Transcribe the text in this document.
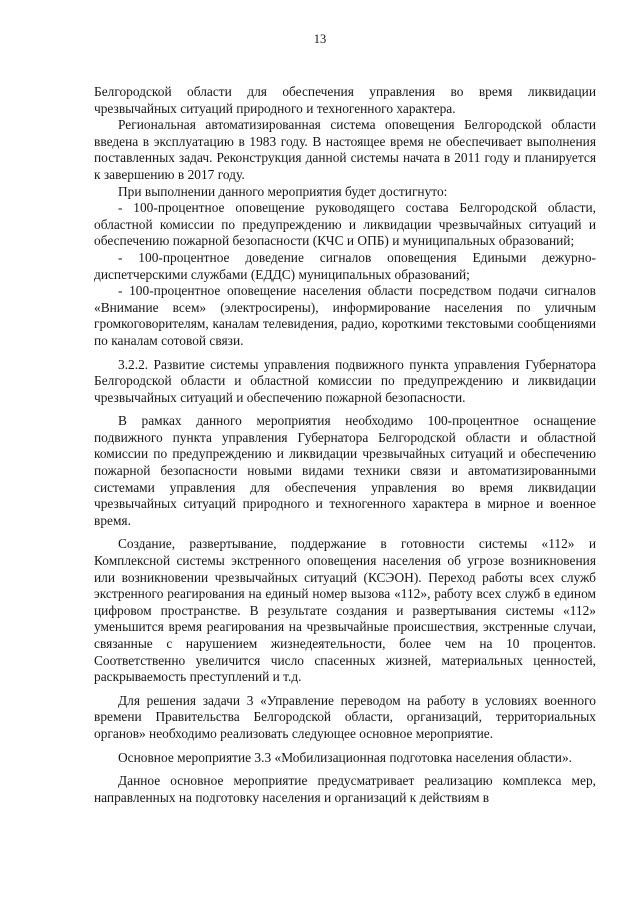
13

Белгородской области для обеспечения управления во время ликвидации чрезвычайных ситуаций природного и техногенного характера.

Региональная автоматизированная система оповещения Белгородской области введена в эксплуатацию в 1983 году. В настоящее время не обеспечивает выполнения поставленных задач. Реконструкция данной системы начата в 2011 году и планируется к завершению в 2017 году.

При выполнении данного мероприятия будет достигнуто:

- 100-процентное оповещение руководящего состава Белгородской области, областной комиссии по предупреждению и ликвидации чрезвычайных ситуаций и обеспечению пожарной безопасности (КЧС и ОПБ) и муниципальных образований;

- 100-процентное доведение сигналов оповещения Едиными дежурно-диспетчерскими службами (ЕДДС) муниципальных образований;

- 100-процентное оповещение населения области посредством подачи сигналов «Внимание всем» (электросирены), информирование населения по уличным громкоговорителям, каналам телевидения, радио, короткими текстовыми сообщениями по каналам сотовой связи.

3.2.2. Развитие системы управления подвижного пункта управления Губернатора Белгородской области и областной комиссии по предупреждению и ликвидации чрезвычайных ситуаций и обеспечению пожарной безопасности.

В рамках данного мероприятия необходимо 100-процентное оснащение подвижного пункта управления Губернатора Белгородской области и областной комиссии по предупреждению и ликвидации чрезвычайных ситуаций и обеспечению пожарной безопасности новыми видами техники связи и автоматизированными системами управления для обеспечения управления во время ликвидации чрезвычайных ситуаций природного и техногенного характера в мирное и военное время.

Создание, развертывание, поддержание в готовности системы «112» и Комплексной системы экстренного оповещения населения об угрозе возникновения или возникновении чрезвычайных ситуаций (КСЭОН). Переход работы всех служб экстренного реагирования на единый номер вызова «112», работу всех служб в едином цифровом пространстве. В результате создания и развертывания системы «112» уменьшится время реагирования на чрезвычайные происшествия, экстренные случаи, связанные с нарушением жизнедеятельности, более чем на 10 процентов. Соответственно увеличится число спасенных жизней, материальных ценностей, раскрываемость преступлений и т.д.

Для решения задачи 3 «Управление переводом на работу в условиях военного времени Правительства Белгородской области, организаций, территориальных органов» необходимо реализовать следующее основное мероприятие.

Основное мероприятие 3.3 «Мобилизационная подготовка населения области».

Данное основное мероприятие предусматривает реализацию комплекса мер, направленных на подготовку населения и организаций к действиям в
